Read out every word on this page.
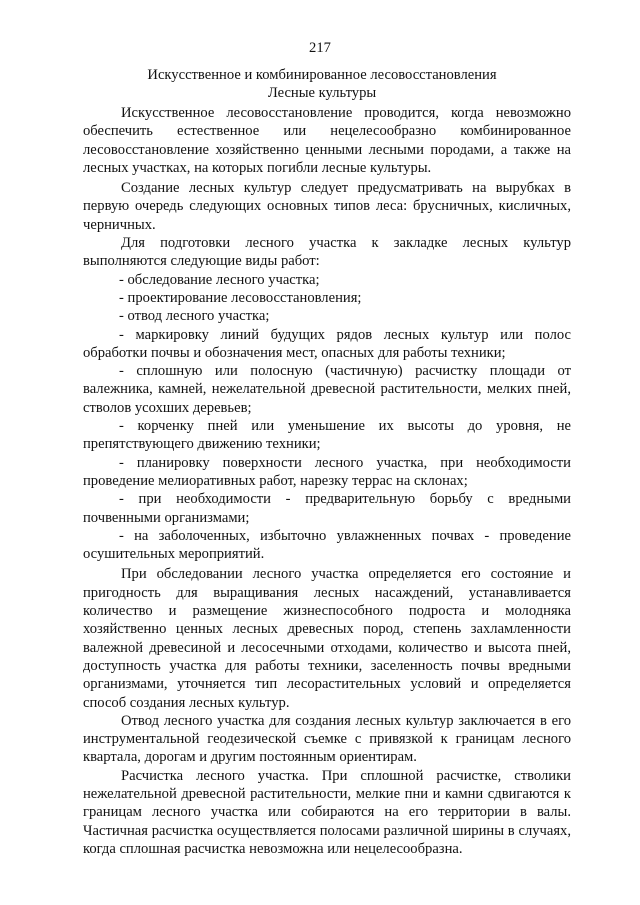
217
Искусственное и комбинированное лесовосстановления
Лесные культуры

Искусственное лесовосстановление проводится, когда невозможно обеспечить естественное или нецелесообразно комбинированное лесовосстановление хозяйственно ценными лесными породами, а также на лесных участках, на которых погибли лесные культуры.

Создание лесных культур следует предусматривать на вырубках в первую очередь следующих основных типов леса: брусничных, кисличных, черничных.

Для подготовки лесного участка к закладке лесных культур выполняются следующие виды работ:

- обследование лесного участка;

- проектирование лесовосстановления;

- отвод лесного участка;

- маркировку линий будущих рядов лесных культур или полос обработки почвы и обозначения мест, опасных для работы техники;

- сплошную или полосную (частичную) расчистку площади от валежника, камней, нежелательной древесной растительности, мелких пней, стволов усохших деревьев;

- корченку пней или уменьшение их высоты до уровня, не препятствующего движению техники;

- планировку поверхности лесного участка, при необходимости проведение мелиоративных работ, нарезку террас на склонах;

- при необходимости - предварительную борьбу с вредными почвенными организмами;

- на заболоченных, избыточно увлажненных почвах - проведение осушительных мероприятий.

При обследовании лесного участка определяется его состояние и пригодность для выращивания лесных насаждений, устанавливается количество и размещение жизнеспособного подроста и молодняка хозяйственно ценных лесных древесных пород, степень захламленности валежной древесиной и лесосечными отходами, количество и высота пней, доступность участка для работы техники, заселенность почвы вредными организмами, уточняется тип лесорастительных условий и определяется способ создания лесных культур.

Отвод лесного участка для создания лесных культур заключается в его инструментальной геодезической съемке с привязкой к границам лесного квартала, дорогам и другим постоянным ориентирам.

Расчистка лесного участка. При сплошной расчистке, стволики нежелательной древесной растительности, мелкие пни и камни сдвигаются к границам лесного участка или собираются на его территории в валы. Частичная расчистка осуществляется полосами различной ширины в случаях, когда сплошная расчистка невозможна или нецелесообразна.
